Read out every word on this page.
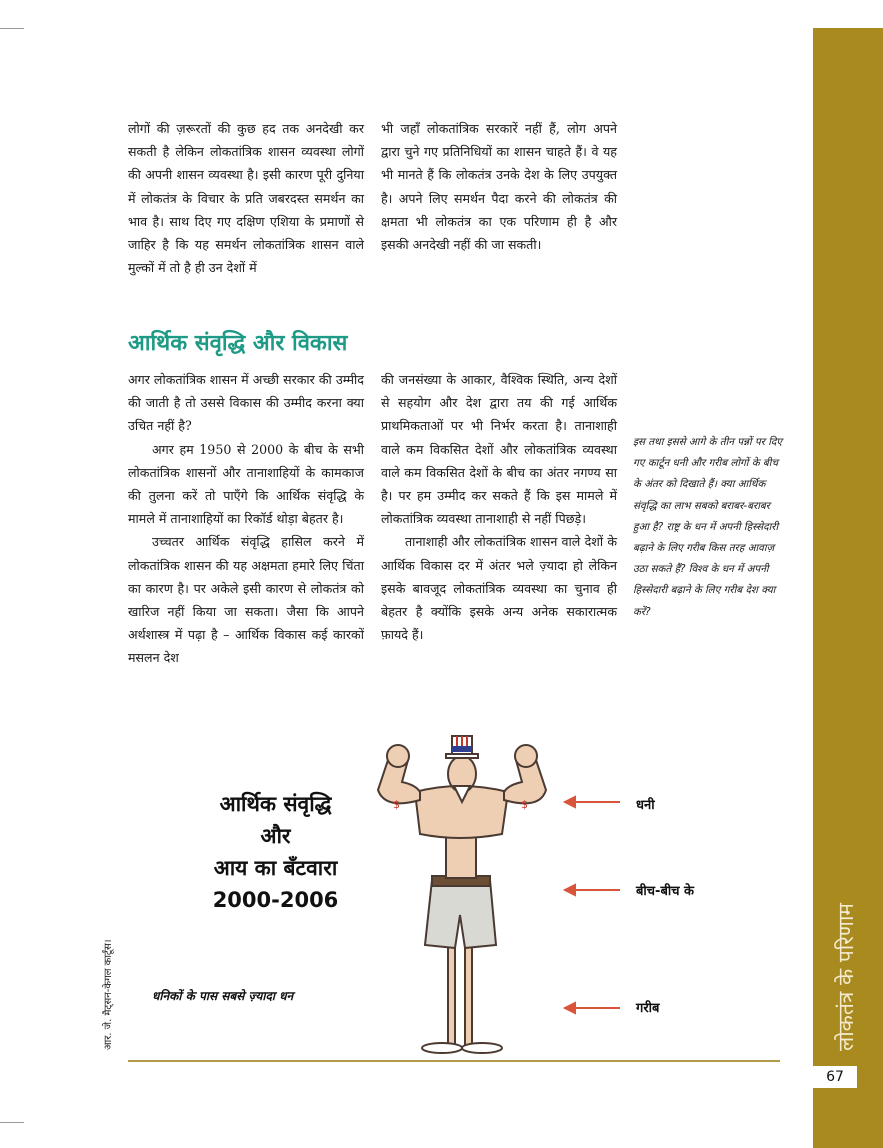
लोकतंत्र के परिणाम
67

लोगों की ज़रूरतों की कुछ हद तक अनदेखी कर सकती है लेकिन लोकतांत्रिक शासन व्यवस्था लोगों की अपनी शासन व्यवस्था है। इसी कारण पूरी दुनिया में लोकतंत्र के विचार के प्रति जबरदस्त समर्थन का भाव है। साथ दिए गए दक्षिण एशिया के प्रमाणों से जाहिर है कि यह समर्थन लोकतांत्रिक शासन वाले मुल्कों में तो है ही उन देशों में

भी जहाँ लोकतांत्रिक सरकारें नहीं हैं, लोग अपने द्वारा चुने गए प्रतिनिधियों का शासन चाहते हैं। वे यह भी मानते हैं कि लोकतंत्र उनके देश के लिए उपयुक्त है। अपने लिए समर्थन पैदा करने की लोकतंत्र की क्षमता भी लोकतंत्र का एक परिणाम ही है और इसकी अनदेखी नहीं की जा सकती।

आर्थिक संवृद्धि और विकास

अगर लोकतांत्रिक शासन में अच्छी सरकार की उम्मीद की जाती है तो उससे विकास की उम्मीद करना क्या उचित नहीं है?

अगर हम 1950 से 2000 के बीच के सभी लोकतांत्रिक शासनों और तानाशाहियों के कामकाज की तुलना करें तो पाएँगे कि आर्थिक संवृद्धि के मामले में तानाशाहियों का रिकॉर्ड थोड़ा बेहतर है।

उच्चतर आर्थिक संवृद्धि हासिल करने में लोकतांत्रिक शासन की यह अक्षमता हमारे लिए चिंता का कारण है। पर अकेले इसी कारण से लोकतंत्र को खारिज नहीं किया जा सकता। जैसा कि आपने अर्थशास्त्र में पढ़ा है – आर्थिक विकास कई कारकों मसलन देश

की जनसंख्या के आकार, वैश्विक स्थिति, अन्य देशों से सहयोग और देश द्वारा तय की गई आर्थिक प्राथमिकताओं पर भी निर्भर करता है। तानाशाही वाले कम विकसित देशों और लोकतांत्रिक व्यवस्था वाले कम विकसित देशों के बीच का अंतर नगण्य सा है। पर हम उम्मीद कर सकते हैं कि इस मामले में लोकतांत्रिक व्यवस्था तानाशाही से नहीं पिछड़े।

तानाशाही और लोकतांत्रिक शासन वाले देशों के आर्थिक विकास दर में अंतर भले ज़्यादा हो लेकिन इसके बावजूद लोकतांत्रिक व्यवस्था का चुनाव ही बेहतर है क्योंकि इसके अन्य अनेक सकारात्मक फ़ायदे हैं।

इस तथा इससे आगे के तीन पन्नों पर दिए गए कार्टून धनी और गरीब लोगों के बीच के अंतर को दिखाते हैं। क्या आर्थिक संवृद्धि का लाभ सबको बराबर-बराबर हुआ है? राष्ट्र के धन में अपनी हिस्सेदारी बढ़ाने के लिए गरीब किस तरह आवाज़ उठा सकते हैं? विश्व के धन में अपनी हिस्सेदारी बढ़ाने के लिए गरीब देश क्या करें?
$	$
आर्थिक संवृद्धि
और
आय का बँटवारा
2000-2006
धनी
बीच-बीच के
गरीब
धनिकों के पास सबसे ज़्यादा धन
आर. जे. मैट्सन-केगल कार्टूंस।
